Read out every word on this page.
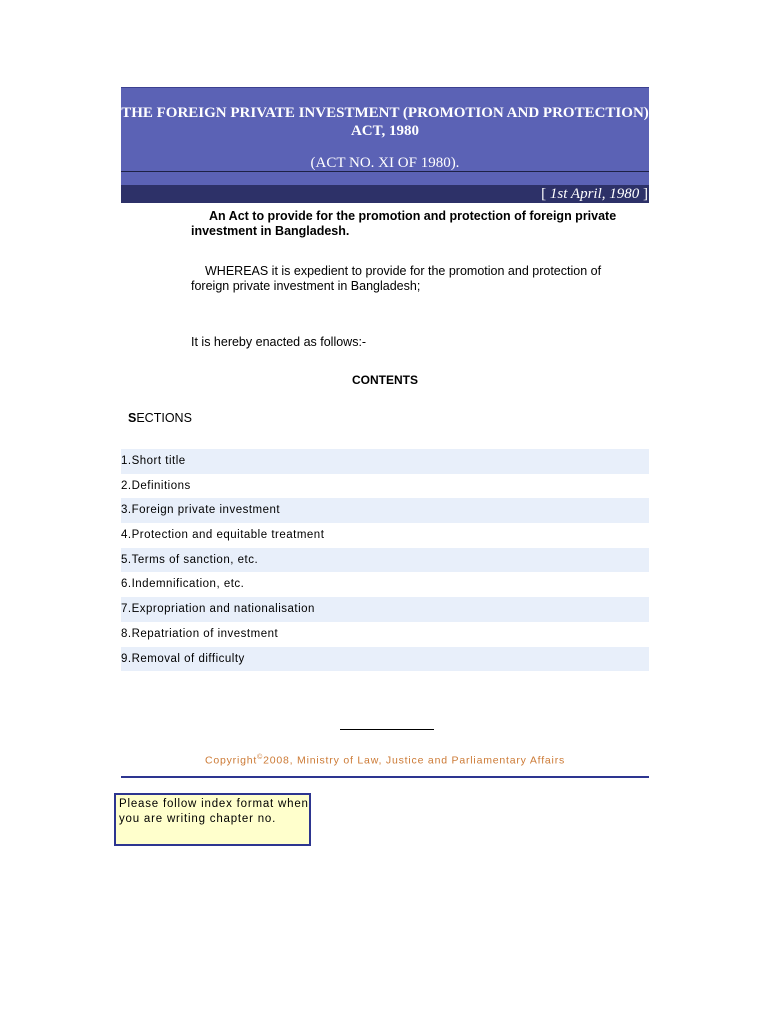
THE FOREIGN PRIVATE INVESTMENT (PROMOTION AND PROTECTION) ACT, 1980
(ACT NO. XI OF 1980).
[ 1st April, 1980 ]
An Act to provide for the promotion and protection of foreign private investment in Bangladesh.
WHEREAS it is expedient to provide for the promotion and protection of foreign private investment in Bangladesh;
It is hereby enacted as follows:-
CONTENTS
SECTIONS
1.Short title
2.Definitions
3.Foreign private investment
4.Protection and equitable treatment
5.Terms of sanction, etc.
6.Indemnification, etc.
7.Expropriation and nationalisation
8.Repatriation of investment
9.Removal of difficulty
Copyright©2008, Ministry of Law, Justice and Parliamentary Affairs
Please follow index format when you are writing chapter no.
